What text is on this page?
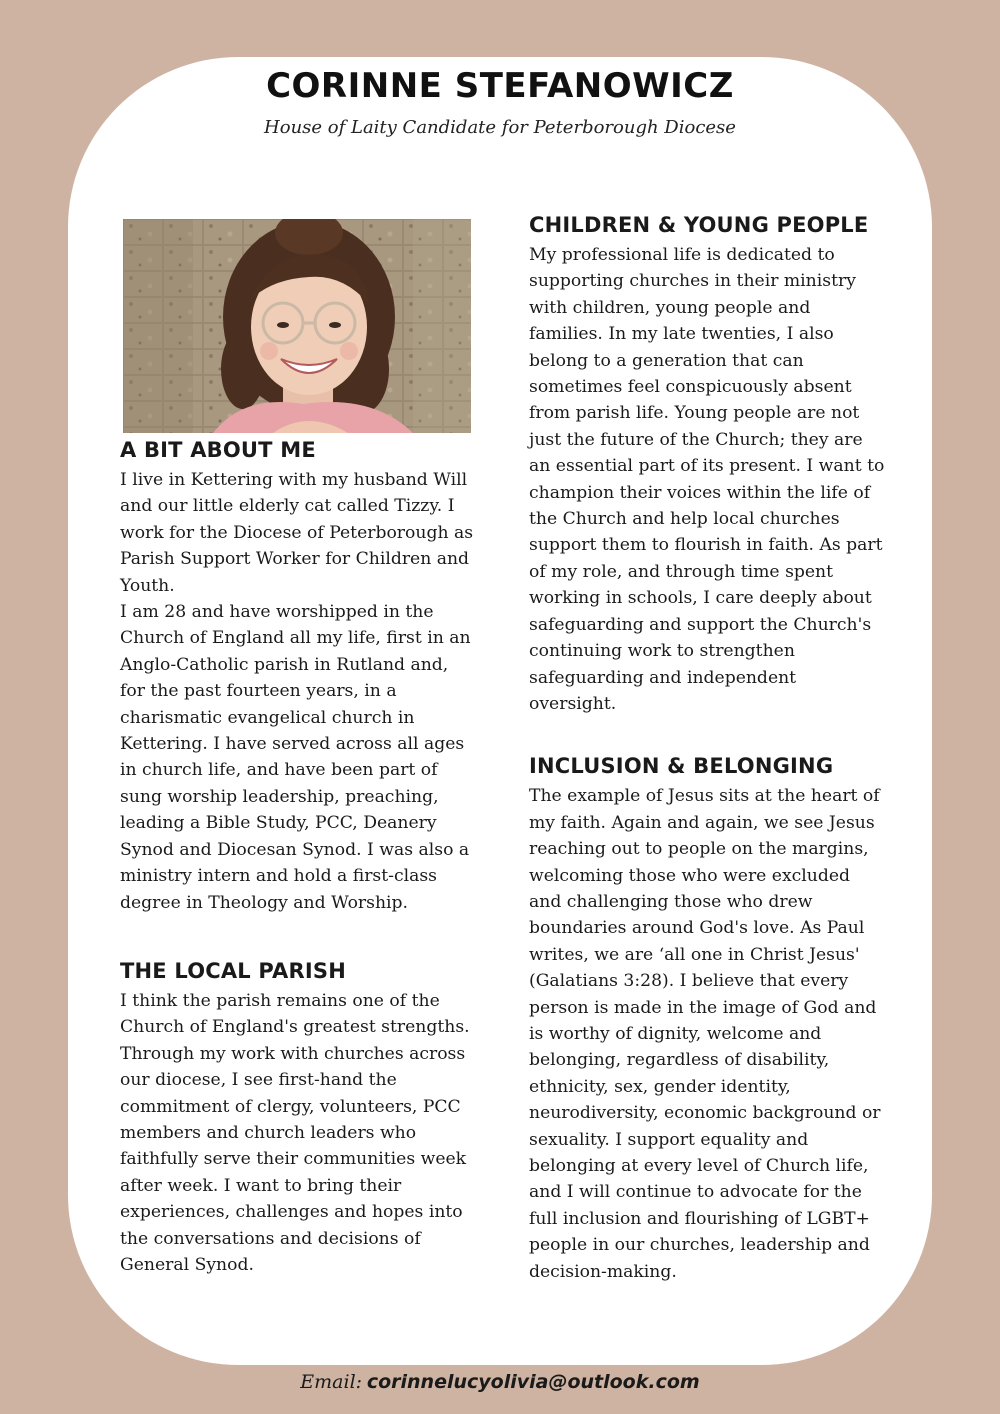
CORINNE STEFANOWICZ
House of Laity Candidate for Peterborough Diocese
A BIT ABOUT ME

I live in Kettering with my husband Will and our little elderly cat called Tizzy. I work for the Diocese of Peterborough as Parish Support Worker for Children and Youth.

I am 28 and have worshipped in the Church of England all my life, first in an Anglo-Catholic parish in Rutland and, for the past fourteen years, in a charismatic evangelical church in Kettering. I have served across all ages in church life, and have been part of sung worship leadership, preaching, leading a Bible Study, PCC, Deanery Synod and Diocesan Synod. I was also a ministry intern and hold a first-class degree in Theology and Worship.

THE LOCAL PARISH

I think the parish remains one of the Church of England's greatest strengths. Through my work with churches across our diocese, I see first-hand the commitment of clergy, volunteers, PCC members and church leaders who faithfully serve their communities week after week. I want to bring their experiences, challenges and hopes into the conversations and decisions of General Synod.

CHILDREN & YOUNG PEOPLE

My professional life is dedicated to supporting churches in their ministry with children, young people and families. In my late twenties, I also belong to a generation that can sometimes feel conspicuously absent from parish life. Young people are not just the future of the Church; they are an essential part of its present. I want to champion their voices within the life of the Church and help local churches support them to flourish in faith. As part of my role, and through time spent working in schools, I care deeply about safeguarding and support the Church's continuing work to strengthen safeguarding and independent oversight.

INCLUSION & BELONGING

The example of Jesus sits at the heart of my faith. Again and again, we see Jesus reaching out to people on the margins, welcoming those who were excluded and challenging those who drew boundaries around God's love. As Paul writes, we are ‘all one in Christ Jesus' (Galatians 3:28). I believe that every person is made in the image of God and is worthy of dignity, welcome and belonging, regardless of disability, ethnicity, sex, gender identity, neurodiversity, economic background or sexuality. I support equality and belonging at every level of Church life, and I will continue to advocate for the full inclusion and flourishing of LGBT+ people in our churches, leadership and decision-making.

Email: corinnelucyolivia@outlook.com
